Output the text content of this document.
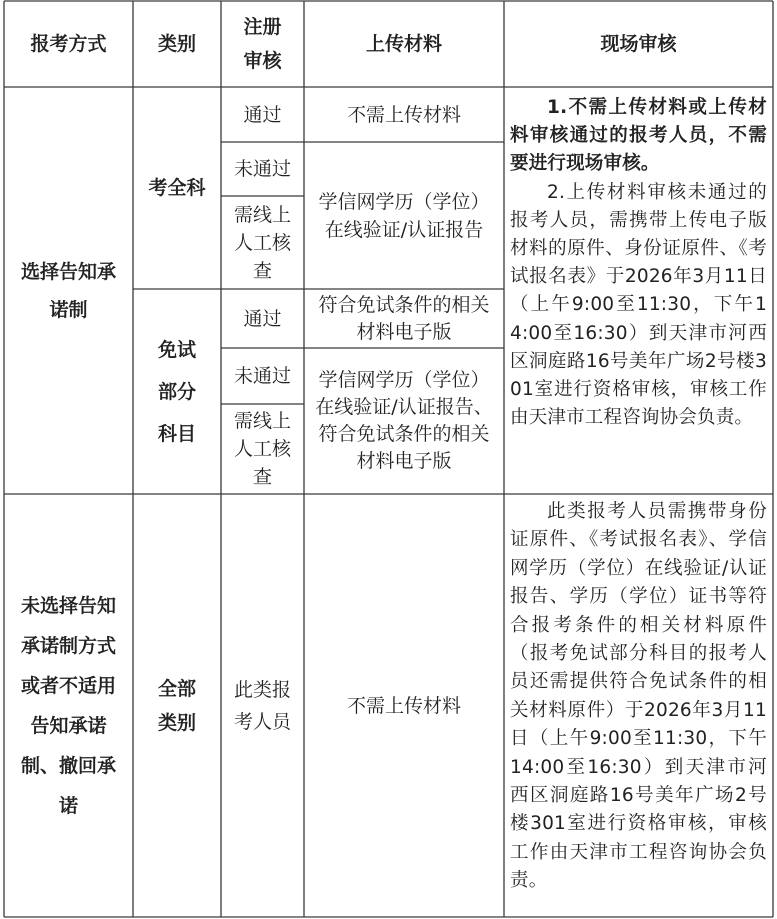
报考方式	类别
注册审核
上传材料	现场审核
选择告知承诺制
考全科
通过
未通过
需线上人工核查
不需上传材料
学信网学历（学位）在线验证/认证报告
免试部分科目
通过
未通过
需线上人工核查
符合免试条件的相关材料电子版
学信网学历（学位）在线验证/认证报告、符合免试条件的相关材料电子版
1.不需上传材料或上传材料审核通过的报考人员，不需要进行现场审核。
2.上传材料审核未通过的报考人员，需携带上传电子版材料的原件、身份证原件、《考试报名表》于2026年3月11日（上午9:00至11:30，下午14:00至16:30）到天津市河西区洞庭路16号美年广场2号楼301室进行资格审核，审核工作由天津市工程咨询协会负责。
未选择告知承诺制方式或者不适用告知承诺制、撤回承诺
全部类别
此类报考人员
不需上传材料
此类报考人员需携带身份证原件、《考试报名表》、学信网学历（学位）在线验证/认证报告、学历（学位）证书等符合报考条件的相关材料原件（报考免试部分科目的报考人员还需提供符合免试条件的相关材料原件）于2026年3月11日（上午9:00至11:30，下午14:00至16:30）到天津市河西区洞庭路16号美年广场2号楼301室进行资格审核，审核工作由天津市工程咨询协会负责。
